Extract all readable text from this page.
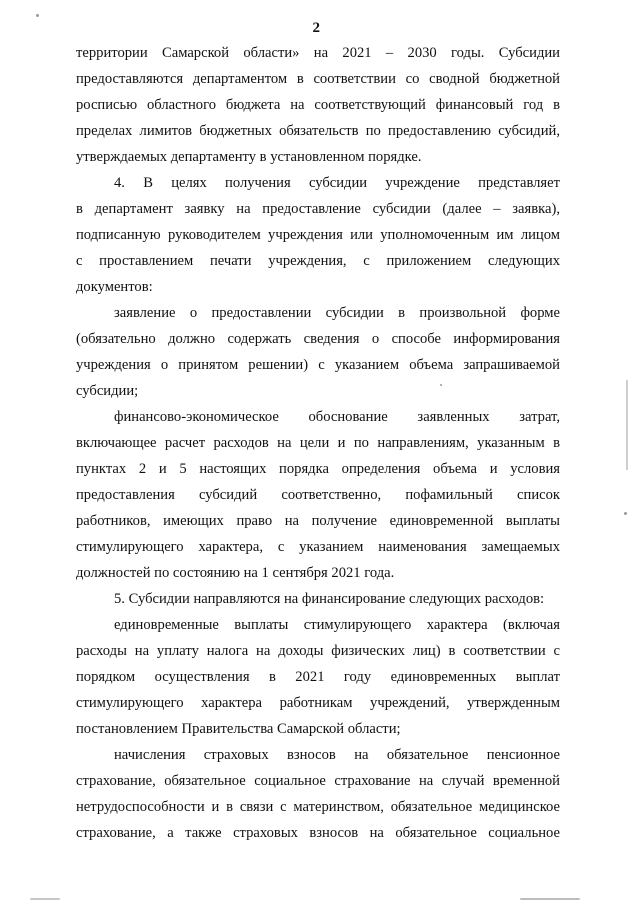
2
территории Самарской области» на 2021 – 2030 годы. Субсидии
предоставляются департаментом в соответствии со сводной бюджетной
росписью областного бюджета на соответствующий финансовый год в
пределах лимитов бюджетных обязательств по предоставлению субсидий,
утверждаемых департаменту в установленном порядке.
4. В целях получения субсидии учреждение представляет
в департамент заявку на предоставление субсидии (далее – заявка),
подписанную руководителем учреждения или уполномоченным им лицом
с проставлением печати учреждения, с приложением следующих
документов:
заявление о предоставлении субсидии в произвольной форме
(обязательно должно содержать сведения о способе информирования
учреждения о принятом решении) с указанием объема запрашиваемой
субсидии;
финансово-экономическое обоснование заявленных затрат,
включающее расчет расходов на цели и по направлениям, указанным в
пунктах 2 и 5 настоящих порядка определения объема и условия
предоставления субсидий соответственно, пофамильный список
работников, имеющих право на получение единовременной выплаты
стимулирующего характера, с указанием наименования замещаемых
должностей по состоянию на 1 сентября 2021 года.
5. Субсидии направляются на финансирование следующих расходов:
единовременные выплаты стимулирующего характера (включая
расходы на уплату налога на доходы физических лиц) в соответствии с
порядком осуществления в 2021 году единовременных выплат
стимулирующего характера работникам учреждений, утвержденным
постановлением Правительства Самарской области;
начисления страховых взносов на обязательное пенсионное
страхование, обязательное социальное страхование на случай временной
нетрудоспособности и в связи с материнством, обязательное медицинское
страхование, а также страховых взносов на обязательное социальное
